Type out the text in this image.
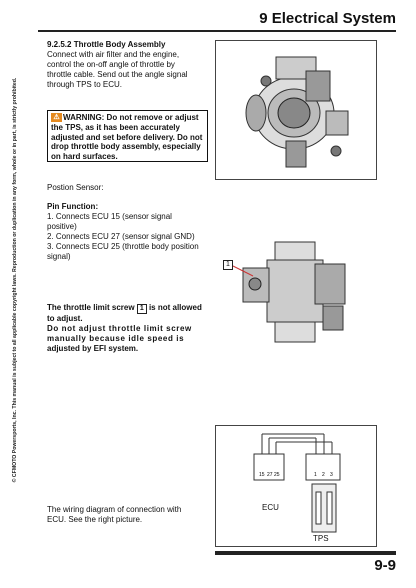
9 Electrical System
© CFMOTO Powersports, Inc. This manual is subject to all applicable copyright laws. Reproduction or duplication in any form, whole or in part, is strictly prohibited.
9.2.5.2 Throttle Body Assembly
Connect with air filter and the engine,
control the on-off angle of throttle by
throttle cable. Send out the angle signal
through TPS to ECU.
⚠ WARNING: Do not remove or adjust
the TPS, as it has been accurately
adjusted and set before delivery. Do not
drop throttle body assembly, especially
on hard surfaces.
Postion Sensor:
Pin Function:
1. Connects ECU 15 (sensor signal
positive)
2. Connects ECU 27 (sensor signal GND)
3. Connects ECU 25 (throttle body position
signal)
1
The throttle limit screw 1 is not allowed
to adjust.
Do not adjust throttle limit screw
manually because idle speed is
adjusted by EFI system.
15 27 25	1 2 3
ECU
TPS
The wiring diagram of connection with
ECU. See the right picture.
9-9
